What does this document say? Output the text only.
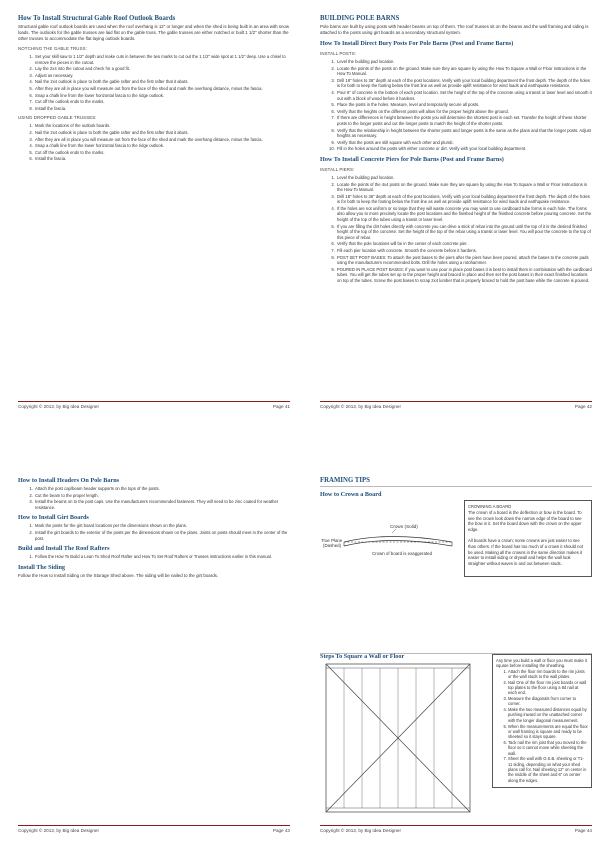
How To Install Structural Gable Roof Outlook Boards

Structural gable roof outlook boards are used when the roof overhang is 12" or longer and when the shed is being built in an area with snow loads. The outlooks for the gable trusses are laid flat on the gable truss. The gable trusses are either notched or built 1 1/2" shorter than the other trusses to accommodate the flat laying outlook boards.

NOTCHING THE GABLE TRUSS:
1. Set your skill saw to 1 1/2" depth and make cuts in between the two marks to cut out the 1 1/2" wide spot at 1 1/2" deep. Use a chisel to remove the pieces in the cutout.
2. Lay the 2x4 into the cutout and check for a good fit.
3. Adjust as necessary.
4. Nail the 2x4 outlook in place to both the gable rafter and the first rafter that it abuts.
5. After they are all in place you will measure out from the face of the shed and mark the overhang distance, minus the fascia.
6. Snap a chalk line from the lower horizontal fascia to the ridge outlook.
7. Cut off the outlook ends to the marks.
8. Install the fascia.
USING DROPPED GABLE TRUSSES:
1. Mark the locations of the outlook boards.
2. Nail the 2x4 outlook in place to both the gable rafter and the first rafter that it abuts.
3. After they are all in place you will measure out from the face of the shed and mark the overhang distance, minus the fascia.
4. Snap a chalk line from the lower horizontal fascia to the ridge outlook.
5. Cut off the outlook ends to the marks.
6. Install the fascia.
Copyright © 2013, by Big Idea Designer	Page 41
BUILDING POLE BARNS

Pole barns are built by using posts with header beams on top of them. The roof trusses sit on the beams and the wall framing and siding is attached to the posts using girt boards as a secondary structural system.

How To Install Direct Bury Posts For Pole Barns (Post and Frame Barns)
INSTALL POSTS:
1. Level the building pad location.
2. Locate the points of the posts on the ground. Make sure they are square by using the How To Square a Wall or Floor instructions in the How To Manual.
3. Drill 18" holes to 36" depth at each of the post locations. Verify with your local building department the frost depth. The depth of the holes is for both to keep the footing below the frost line as well as provide uplift resistance for wind loads and earthquake resistance.
4. Pour 6" of concrete in the bottom of each post location. Set the height of the top of the concrete using a transit or laser level and smooth it out with a block of wood before it hardens.
5. Place the posts in the holes. Measure, level and temporarily secure all posts.
6. Verify that the heights on the different posts will allow for the proper height above the ground.
7. If there are differences in height between the posts you will determine the shortest post in each set. Transfer the height of these shorter posts to the longer posts and cut the longer posts to match the height of the shorter posts.
8. Verify that the relationship in height between the shorter posts and longer posts is the same as the plans and that the longer posts. Adjust heights as necessary.
9. Verify that the posts are still square with each other and plumb.
10. Fill in the holes around the posts with either concrete or dirt. Verify with your local building department.
How To Install Concrete Piers for Pole Barns (Post and Frame Barns)
INSTALL PIERS:
1. Level the building pad location.
2. Locate the points of the 4x4 posts on the ground. Make sure they are square by using the How To Square a Wall or Floor instructions in the How To Manual.
3. Drill 18" holes to 36" depth at each of the post locations. Verify with your local building department the frost depth. The depth of the holes is for both to keep the footing below the frost line as well as provide uplift resistance for wind loads and earthquake resistance.
4. If the holes are not uniform or so large that they will waste concrete you may want to use cardboard tube forms in each hole. The forms also allow you to more precisely locate the post locations and the finished height of the finished concrete before pouring concrete. Set the height of the top of the tubes using a transit or laser level.
5. If you are filling the dirt holes directly with concrete you can drive a stick of rebar into the ground until the top of it is the desired finished height of the top of the concrete. Set the height of the top of the rebar using a transit or laser level. You will pour the concrete to the top of this piece of rebar.
6. Verify that the pole locations will be in the center of each concrete pier.
7. Fill each pier location with concrete. Smooth the concrete before it hardens.
8. POST SET POST BASES: To attach the post bases to the piers after the piers have been poured, attach the bases to the concrete pads using the manufacturers recommended bolts. Drill the holes using a rotohammer.
9. POURED IN PLACE POST BASES: If you want to use pour in place post bases it is best to install them in combination with the cardboard tubes. You will get the tubes set up to the proper height and braced in place and then set the post bases in their exact finished locations on top of the tubes. Screw the post bases to scrap 2x4 lumber that is properly braced to hold the post base while the concrete is poured.
Copyright © 2013, by Big Idea Designer	Page 42
How to Install Headers On Pole Barns
1. Attach the post cap/beam header supports on the tops of the posts.
2. Cut the beam to the proper length.
3. Install the beams on to the post caps. Use the manufacturers recommended fasteners. They will need to be zinc coated for weather resistance.
How to Install Girt Boards
1. Mark the posts for the girt board locations per the dimensions shown on the plans.
2. Install the girt boards to the exterior of the posts per the dimensions shown on the plans. Joints on posts should meet in the center of the post.
Build and Install The Roof Rafters
1. Follow the How To Build a Lean To Shed Roof Rafter and How To Set Roof Rafters or Trusses instructions earlier in this manual.
Install The Siding

Follow the How to Install Siding on the Storage Shed above. The siding will be nailed to the girt boards.

Copyright © 2013, by Big Idea Designer	Page 43
FRAMING TIPS
How to Crown a Board
Crown (Solid)
True Plane
(Dashed)
Crown of board is exaggerated
CROWNING A BOARD

The crown of a board is the deflection or bow in the board. To see the crown look down the narrow edge of the board to see the bow in it. Set the board down with the crown on the upper edge.

All boards have a crown; some crowns are just easier to see than others. If the board has too much of a crown it should not be used. Making all the crowns in the same direction makes it easier to install siding or drywall and helps the wall look straighter without waves in and out between studs.

Steps To Square a Wall or Floor
Any time you build a wall or floor you must make it square before installing the sheathing.
1. Attach the floor rim boards to the rim joists or the wall studs to the wall plates.
2. Nail One of the floor rim joist boards or wall top plates to the floor using a 8d nail at each end.
3. Measure the diagonals from corner to corner.
4. Make the two measured distances equal by pushing inward on the unattached corner with the longer diagonal measurement.
5. When the measurements are equal the floor or wall framing is square and ready to be sheeted so it stays square.
6. Tack nail the rim joist that you moved to the floor so it cannot move while sheeting the wall.
7. Sheet the wall with O.S.B. sheeting or T1-11 siding, depending on what your shed plans call for. Nail sheeting 12" on center in the middle of the sheet and 6" on center along the edges.
Copyright © 2013, by Big Idea Designer	Page 44
